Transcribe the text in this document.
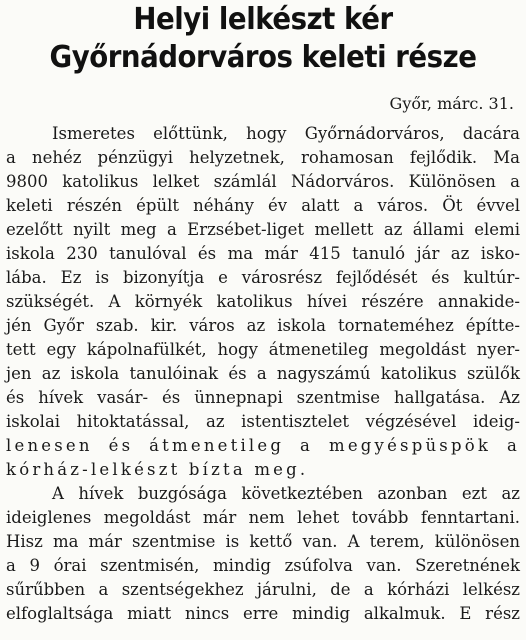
Helyi lelkészt kér
Győrnádorváros keleti része
Győr, márc. 31.
Ismeretes előttünk, hogy Győrnádorváros, dacára
a nehéz pénzügyi helyzetnek, rohamosan fejlődik. Ma
9800 katolikus lelket számlál Nádorváros. Különösen a
keleti részén épült néhány év alatt a város. Öt évvel
ezelőtt nyilt meg a Erzsébet-liget mellett az állami elemi
iskola 230 tanulóval és ma már 415 tanuló jár az isko-
lába. Ez is bizonyítja e városrész fejlődését és kultúr-
szükségét. A környék katolikus hívei részére annakide-
jén Győr szab. kir. város az iskola tornateméhez építte-
tett egy kápolnafülkét, hogy átmenetileg megoldást nyer-
jen az iskola tanulóinak és a nagyszámú katolikus szülők
és hívek vasár- és ünnepnapi szentmise hallgatása. Az
iskolai hitoktatással, az istentisztelet végzésével ideig-
lenesen és átmenetileg a megyéspüspök a
kórház-lelkészt bízta meg.
A hívek buzgósága következtében azonban ezt az
ideiglenes megoldást már nem lehet tovább fenntartani.
Hisz ma már szentmise is kettő van. A terem, különösen
a 9 órai szentmisén, mindig zsúfolva van. Szeretnének
sűrűbben a szentségekhez járulni, de a kórházi lelkész
elfoglaltsága miatt nincs erre mindig alkalmuk. E rész
